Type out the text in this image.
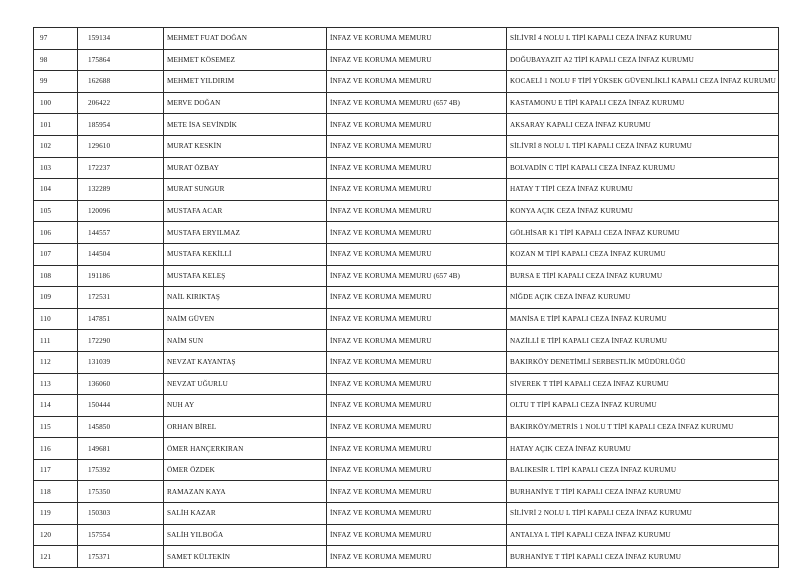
97	159134	MEHMET FUAT DOĞAN	İNFAZ VE KORUMA MEMURU	SİLİVRİ 4 NOLU L TİPİ KAPALI CEZA İNFAZ KURUMU
98	175864	MEHMET KÖSEMEZ	İNFAZ VE KORUMA MEMURU	DOĞUBAYAZIT A2 TİPİ KAPALI CEZA İNFAZ KURUMU
99	162688	MEHMET YILDIRIM	İNFAZ VE KORUMA MEMURU	KOCAELİ 1 NOLU F TİPİ YÜKSEK GÜVENLİKLİ KAPALI CEZA İNFAZ KURUMU
100	206422	MERVE DOĞAN	İNFAZ VE KORUMA MEMURU (657 4B)	KASTAMONU E TİPİ KAPALI CEZA İNFAZ KURUMU
101	185954	METE İSA SEVİNDİK	İNFAZ VE KORUMA MEMURU	AKSARAY KAPALI CEZA İNFAZ KURUMU
102	129610	MURAT KESKİN	İNFAZ VE KORUMA MEMURU	SİLİVRİ 8 NOLU L TİPİ KAPALI CEZA İNFAZ KURUMU
103	172237	MURAT ÖZBAY	İNFAZ VE KORUMA MEMURU	BOLVADİN C TİPİ KAPALI CEZA İNFAZ KURUMU
104	132289	MURAT SUNGUR	İNFAZ VE KORUMA MEMURU	HATAY T TİPİ CEZA İNFAZ KURUMU
105	120096	MUSTAFA ACAR	İNFAZ VE KORUMA MEMURU	KONYA AÇIK CEZA İNFAZ KURUMU
106	144557	MUSTAFA ERYILMAZ	İNFAZ VE KORUMA MEMURU	GÖLHİSAR K1 TİPİ KAPALI CEZA İNFAZ KURUMU
107	144504	MUSTAFA KEKİLLİ	İNFAZ VE KORUMA MEMURU	KOZAN M TİPİ KAPALI CEZA İNFAZ KURUMU
108	191186	MUSTAFA KELEŞ	İNFAZ VE KORUMA MEMURU (657 4B)	BURSA E TİPİ KAPALI CEZA İNFAZ KURUMU
109	172531	NAİL KIRIKTAŞ	İNFAZ VE KORUMA MEMURU	NİĞDE AÇIK CEZA İNFAZ KURUMU
110	147851	NAİM GÜVEN	İNFAZ VE KORUMA MEMURU	MANİSA E TİPİ KAPALI CEZA İNFAZ KURUMU
111	172290	NAİM SUN	İNFAZ VE KORUMA MEMURU	NAZİLLİ E TİPİ KAPALI CEZA İNFAZ KURUMU
112	131039	NEVZAT KAYANTAŞ	İNFAZ VE KORUMA MEMURU	BAKIRKÖY DENETİMLİ SERBESTLİK MÜDÜRLÜĞÜ
113	136060	NEVZAT UĞURLU	İNFAZ VE KORUMA MEMURU	SİVEREK T TİPİ KAPALI CEZA İNFAZ KURUMU
114	150444	NUH AY	İNFAZ VE KORUMA MEMURU	OLTU T TİPİ KAPALI CEZA İNFAZ KURUMU
115	145850	ORHAN BİREL	İNFAZ VE KORUMA MEMURU	BAKIRKÖY/METRİS 1 NOLU T TİPİ KAPALI CEZA İNFAZ KURUMU
116	149681	ÖMER HANÇERKIRAN	İNFAZ VE KORUMA MEMURU	HATAY AÇIK CEZA İNFAZ KURUMU
117	175392	ÖMER ÖZDEK	İNFAZ VE KORUMA MEMURU	BALIKESİR L TİPİ KAPALI CEZA İNFAZ KURUMU
118	175350	RAMAZAN KAYA	İNFAZ VE KORUMA MEMURU	BURHANİYE T TİPİ KAPALI CEZA İNFAZ KURUMU
119	150303	SALİH KAZAR	İNFAZ VE KORUMA MEMURU	SİLİVRİ 2 NOLU L TİPİ KAPALI CEZA İNFAZ KURUMU
120	157554	SALİH YILBOĞA	İNFAZ VE KORUMA MEMURU	ANTALYA L TİPİ KAPALI CEZA İNFAZ KURUMU
121	175371	SAMET KÜLTEKİN	İNFAZ VE KORUMA MEMURU	BURHANİYE T TİPİ KAPALI CEZA İNFAZ KURUMU
